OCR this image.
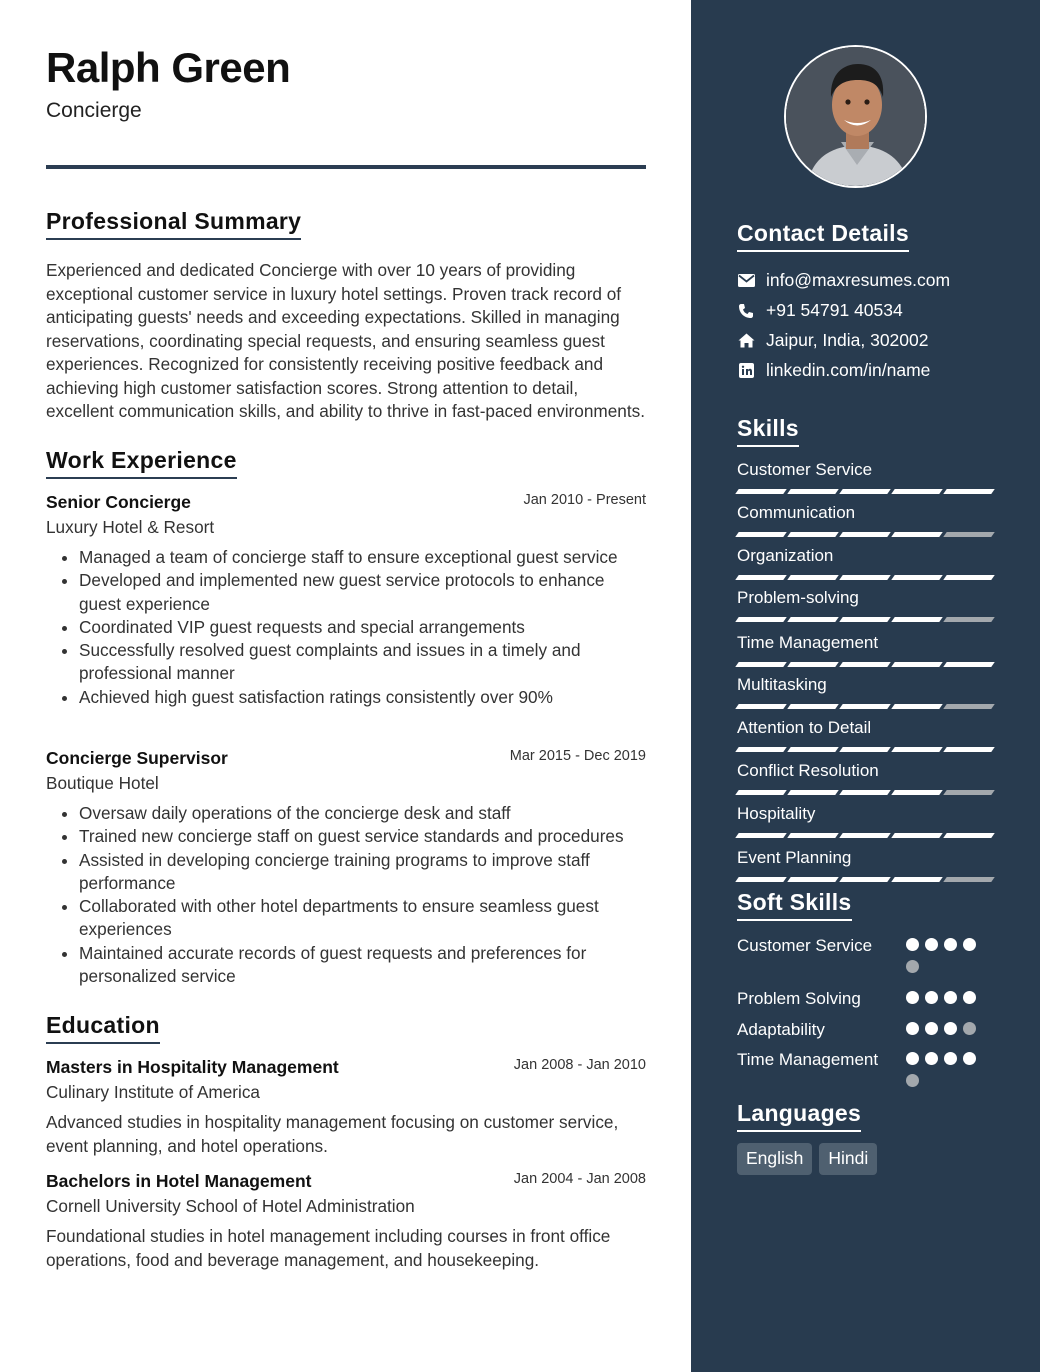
Ralph Green
Concierge
Professional Summary
Experienced and dedicated Concierge with over 10 years of providing exceptional customer service in luxury hotel settings. Proven track record of anticipating guests' needs and exceeding expectations. Skilled in managing reservations, coordinating special requests, and ensuring seamless guest experiences. Recognized for consistently receiving positive feedback and achieving high customer satisfaction scores. Strong attention to detail, excellent communication skills, and ability to thrive in fast-paced environments.
Work Experience
Senior Concierge	Jan 2010 - Present
Luxury Hotel & Resort
• Managed a team of concierge staff to ensure exceptional guest service
• Developed and implemented new guest service protocols to enhance guest experience
• Coordinated VIP guest requests and special arrangements
• Successfully resolved guest complaints and issues in a timely and professional manner
• Achieved high guest satisfaction ratings consistently over 90%
Concierge Supervisor	Mar 2015 - Dec 2019
Boutique Hotel
• Oversaw daily operations of the concierge desk and staff
• Trained new concierge staff on guest service standards and procedures
• Assisted in developing concierge training programs to improve staff performance
• Collaborated with other hotel departments to ensure seamless guest experiences
• Maintained accurate records of guest requests and preferences for personalized service
Education
Masters in Hospitality Management	Jan 2008 - Jan 2010
Culinary Institute of America
Advanced studies in hospitality management focusing on customer service, event planning, and hotel operations.
Bachelors in Hotel Management	Jan 2004 - Jan 2008
Cornell University School of Hotel Administration
Foundational studies in hotel management including courses in front office operations, food and beverage management, and housekeeping.
Contact Details
info@maxresumes.com
+91 54791 40534
Jaipur, India, 302002
linkedin.com/in/name
Skills
Customer Service
Communication
Organization
Problem-solving
Time Management
Multitasking
Attention to Detail
Conflict Resolution
Hospitality
Event Planning
Soft Skills
Customer Service
Problem Solving
Adaptability
Time Management
Languages
English	Hindi
